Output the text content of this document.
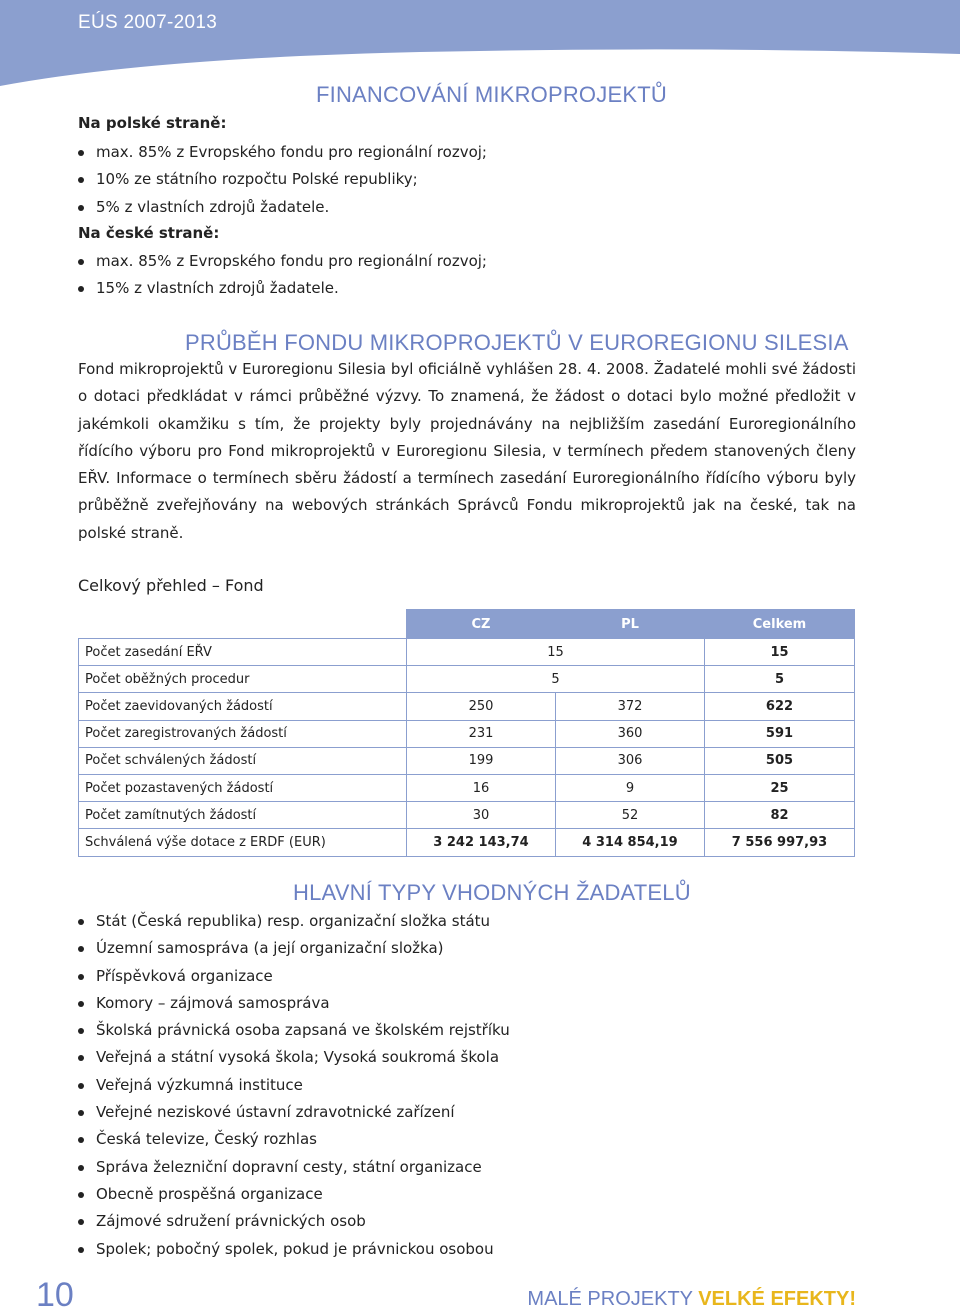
EÚS 2007-2013
FINANCOVÁNÍ MIKROPROJEKTŮ
Na polské straně:
max. 85% z Evropského fondu pro regionální rozvoj;
10% ze státního rozpočtu Polské republiky;
5% z vlastních zdrojů žadatele.
Na české straně:
max. 85% z Evropského fondu pro regionální rozvoj;
15% z vlastních zdrojů žadatele.
PRŮBĚH FONDU MIKROPROJEKTŮ V EUROREGIONU SILESIA

Fond mikroprojektů v Euroregionu Silesia byl oficiálně vyhlášen 28. 4. 2008. Žadatelé mohli své žádosti o dotaci předkládat v rámci průběžné výzvy. To znamená, že žádost o dotaci bylo možné předložit v jakémkoli okamžiku s tím, že projekty byly projednávány na nejbližším zasedání Euroregionálního řídícího výboru pro Fond mikroprojektů v Euroregionu Silesia, v termínech předem stanovených členy EŘV. Informace o termínech sběru žádostí a termínech zasedání Euroregionálního řídícího výboru byly průběžně zveřejňovány na webových stránkách Správců Fondu mikroprojektů jak na české, tak na polské straně.

Celkový přehled – Fond
	CZ	PL	Celkem
Počet zasedání EŘV	15		15
Počet oběžných procedur	5		5
Počet zaevidovaných žádostí	250	372	622
Počet zaregistrovaných žádostí	231	360	591
Počet schválených žádostí	199	306	505
Počet pozastavených žádostí	16	9	25
Počet zamítnutých žádostí	30	52	82
Schválená výše dotace z ERDF (EUR)	3 242 143,74	4 314 854,19	7 556 997,93
HLAVNÍ TYPY VHODNÝCH ŽADATELŮ
Stát (Česká republika) resp. organizační složka státu
Územní samospráva (a její organizační složka)
Příspěvková organizace
Komory – zájmová samospráva
Školská právnická osoba zapsaná ve školském rejstříku
Veřejná a státní vysoká škola; Vysoká soukromá škola
Veřejná výzkumná instituce
Veřejné neziskové ústavní zdravotnické zařízení
Česká televize, Český rozhlas
Správa železniční dopravní cesty, státní organizace
Obecně prospěšná organizace
Zájmové sdružení právnických osob
Spolek; pobočný spolek, pokud je právnickou osobou
10	MALÉ PROJEKTY VELKÉ EFEKTY!
